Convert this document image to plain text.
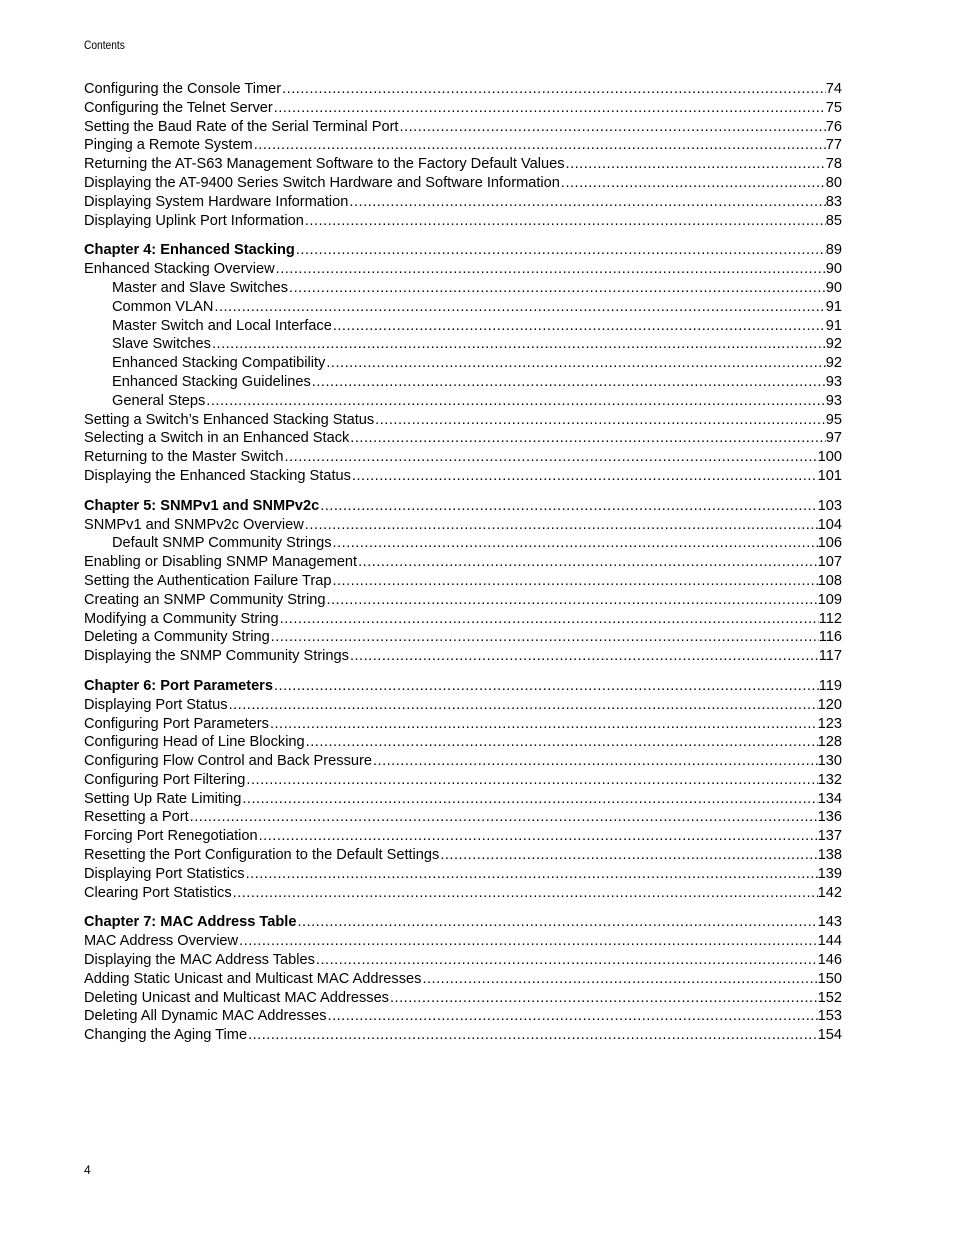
Contents
Configuring the Console Timer .....	74
Configuring the Telnet Server .....	75
Setting the Baud Rate of the Serial Terminal Port .....	76
Pinging a Remote System .....	77
Returning the AT-S63 Management Software to the Factory Default Values .....	78
Displaying the AT-9400 Series Switch Hardware and Software Information .....	80
Displaying System Hardware Information .....	83
Displaying Uplink Port Information .....	85
Chapter 4: Enhanced Stacking .....	89
Enhanced Stacking Overview .....	90
Master and Slave Switches .....	90
Common VLAN .....	91
Master Switch and Local Interface .....	91
Slave Switches .....	92
Enhanced Stacking Compatibility .....	92
Enhanced Stacking Guidelines .....	93
General Steps .....	93
Setting a Switch’s Enhanced Stacking Status .....	95
Selecting a Switch in an Enhanced Stack .....	97
Returning to the Master Switch .....	100
Displaying the Enhanced Stacking Status .....	101
Chapter 5: SNMPv1 and SNMPv2c .....	103
SNMPv1 and SNMPv2c Overview .....	104
Default SNMP Community Strings .....	106
Enabling or Disabling SNMP Management .....	107
Setting the Authentication Failure Trap .....	108
Creating an SNMP Community String .....	109
Modifying a Community String .....	112
Deleting a Community String .....	116
Displaying the SNMP Community Strings .....	117
Chapter 6: Port Parameters .....	119
Displaying Port Status .....	120
Configuring Port Parameters .....	123
Configuring Head of Line Blocking .....	128
Configuring Flow Control and Back Pressure .....	130
Configuring Port Filtering .....	132
Setting Up Rate Limiting .....	134
Resetting a Port .....	136
Forcing Port Renegotiation .....	137
Resetting the Port Configuration to the Default Settings .....	138
Displaying Port Statistics .....	139
Clearing Port Statistics .....	142
Chapter 7: MAC Address Table .....	143
MAC Address Overview .....	144
Displaying the MAC Address Tables .....	146
Adding Static Unicast and Multicast MAC Addresses .....	150
Deleting Unicast and Multicast MAC Addresses .....	152
Deleting All Dynamic MAC Addresses .....	153
Changing the Aging Time .....	154
4
